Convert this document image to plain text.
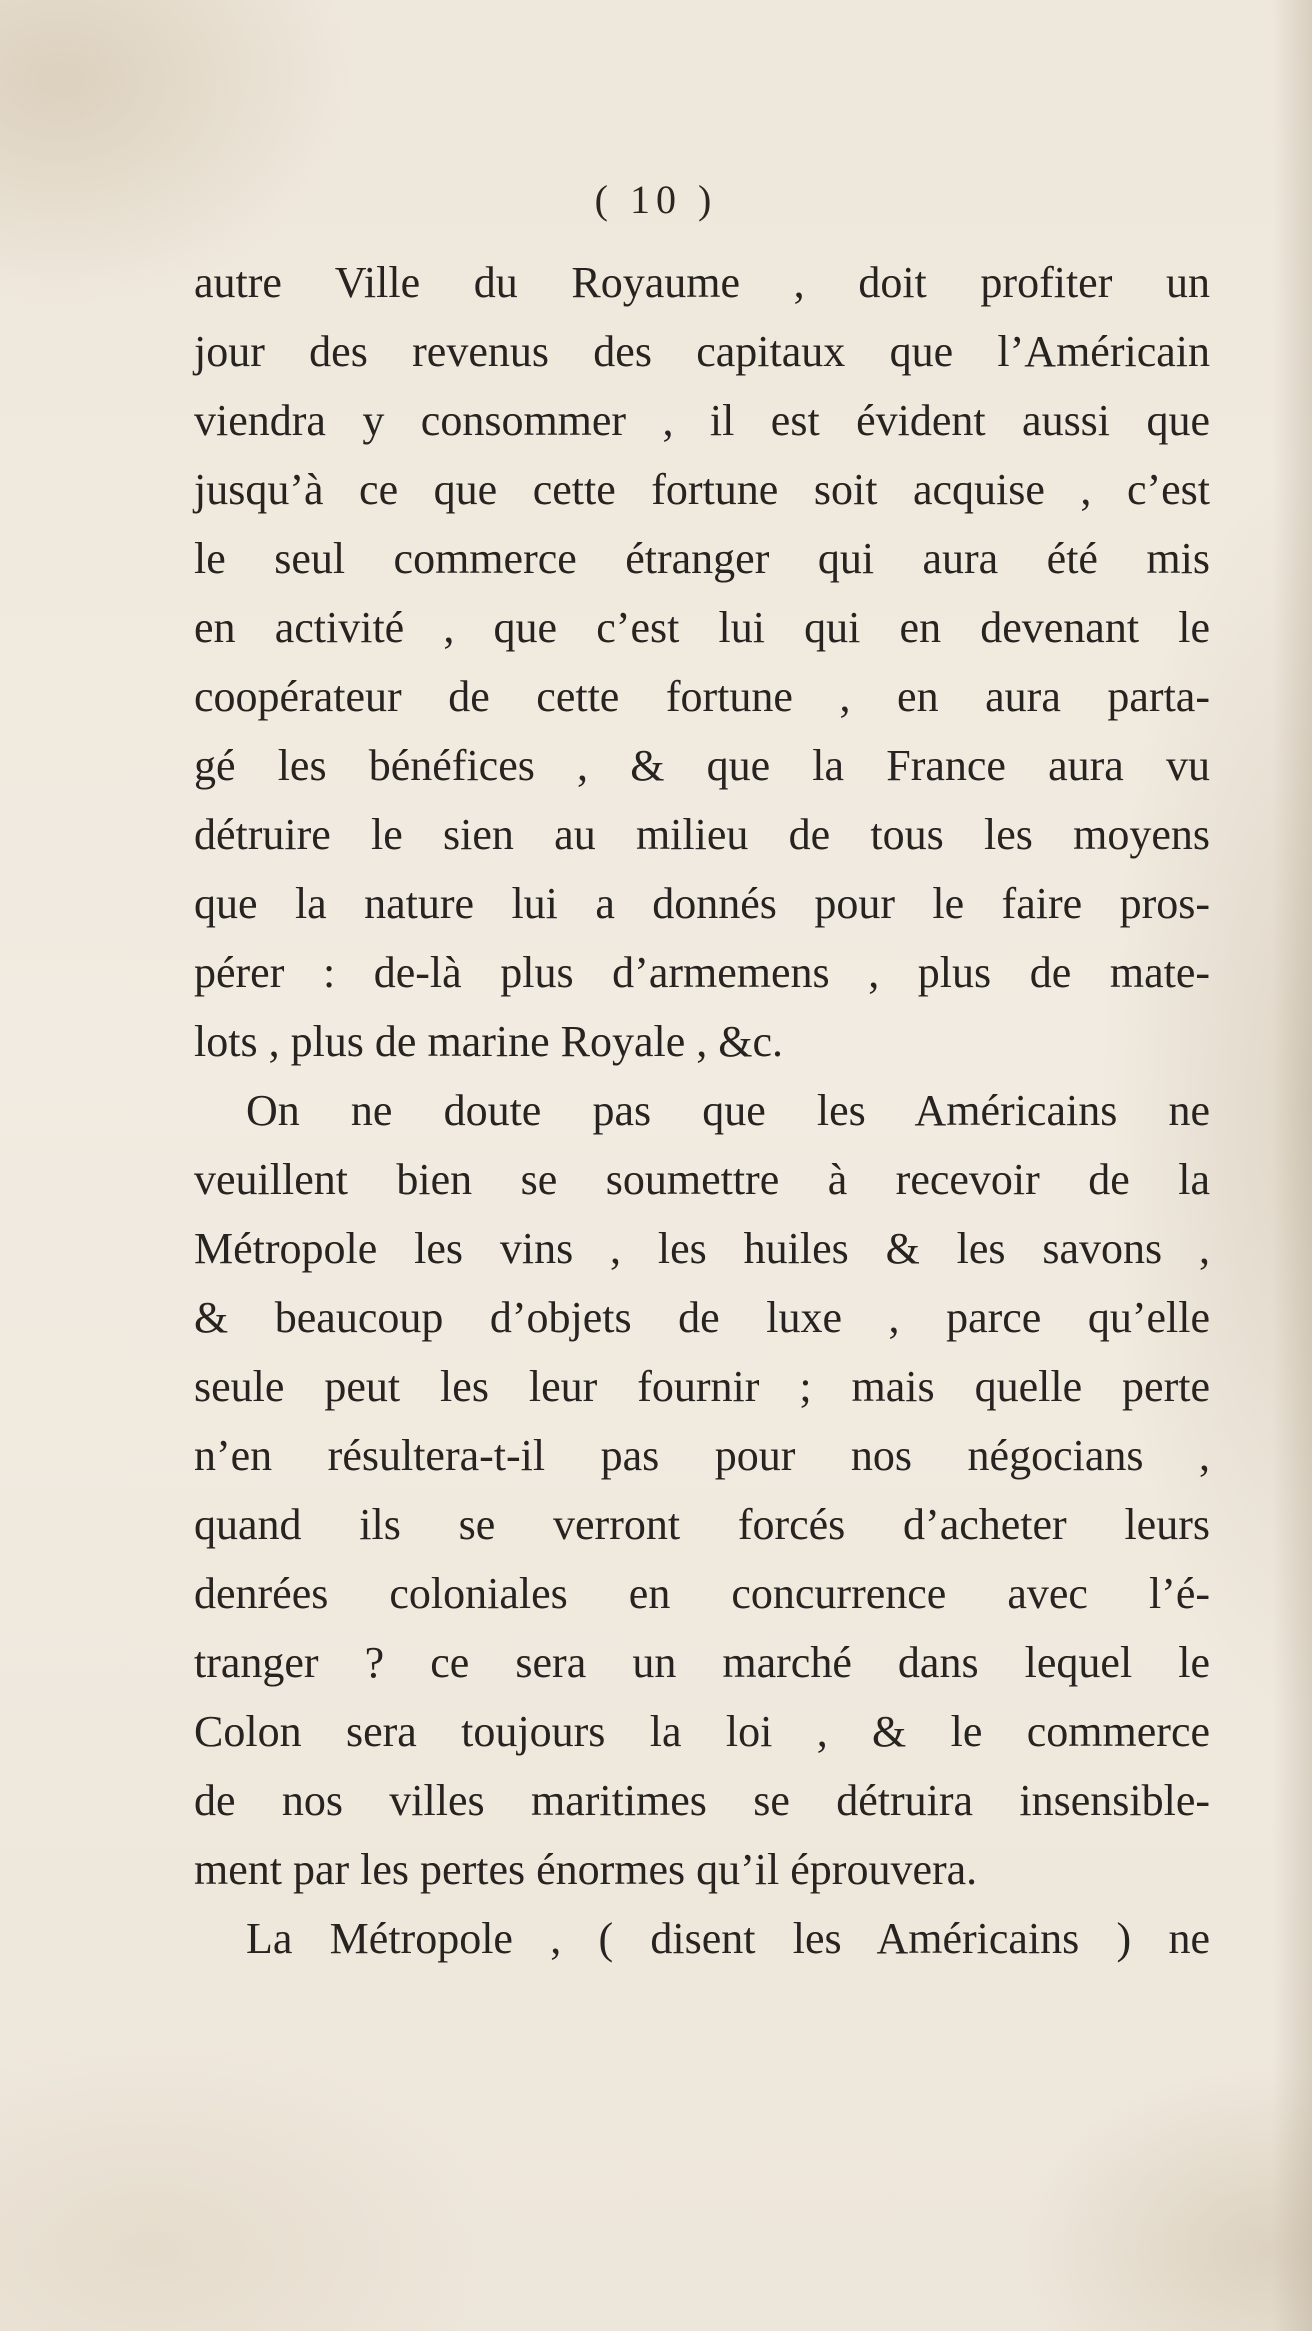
( 10 )
autre Ville du Royaume , doit profiter un
jour des revenus des capitaux que l’Américain
viendra y consommer , il est évident aussi que
jusqu’à ce que cette fortune soit acquise , c’est
le seul commerce étranger qui aura été mis
en activité , que c’est lui qui en devenant le
coopérateur de cette fortune , en aura parta-
gé les bénéfices , & que la France aura vu
détruire le sien au milieu de tous les moyens
que la nature lui a donnés pour le faire pros-
pérer : de-là plus d’armemens , plus de mate-
lots , plus de marine Royale , &c.
On ne doute pas que les Américains ne
veuillent bien se soumettre à recevoir de la
Métropole les vins , les huiles & les savons ,
& beaucoup d’objets de luxe , parce qu’elle
seule peut les leur fournir ; mais quelle perte
n’en résultera-t-il pas pour nos négocians ,
quand ils se verront forcés d’acheter leurs
denrées coloniales en concurrence avec l’é-
tranger ? ce sera un marché dans lequel le
Colon sera toujours la loi , & le commerce
de nos villes maritimes se détruira insensible-
ment par les pertes énormes qu’il éprouvera.
La Métropole , ( disent les Américains ) ne
